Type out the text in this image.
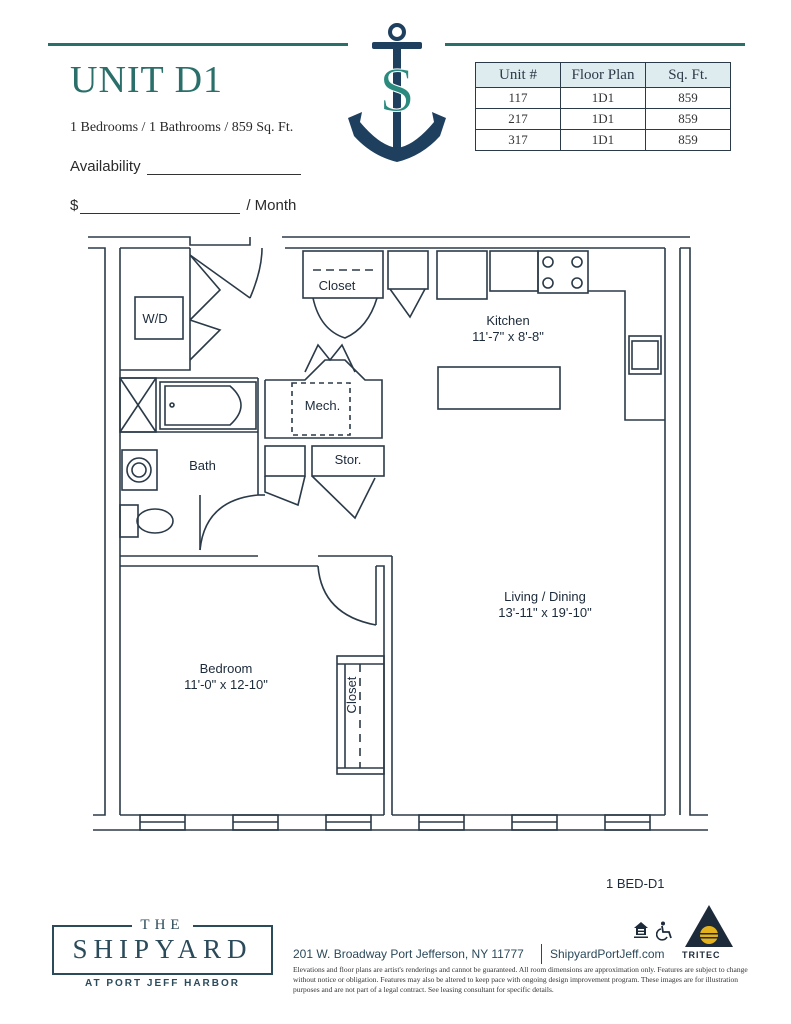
S
UNIT D1
1 Bedrooms / 1 Bathrooms / 859 Sq. Ft.
Availability
$	/ Month
Unit #	Floor Plan	Sq. Ft.
117	1D1	859
217	1D1	859
317	1D1	859
W/D
Closet
Kitchen
11'-7" x 8'-8"
Mech.
Bath	Stor.
Living / Dining
13'-11" x 19'-10"
Bedroom
11'-0" x 12-10"	Closet
1 BED-D1
THE
SHIPYARD
AT PORT JEFF HARBOR
201 W. Broadway Port Jefferson, NY 11777 ShipyardPortJeff.com
Elevations and floor plans are artist's renderings and cannot be guaranteed. All room dimensions are approximation only. Features are subject to change without notice or obligation. Features may also be altered to keep pace with ongoing design improvement program. These images are for illustration purposes and are not part of a legal contract. See leasing consultant for specific details.
TRITEC
